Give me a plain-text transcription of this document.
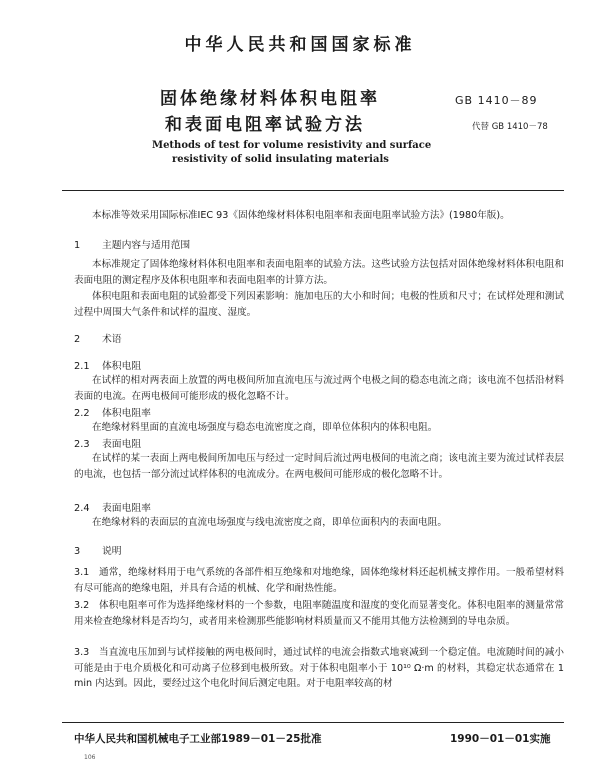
中华人民共和国国家标准
固体绝缘材料体积电阻率
和表面电阻率试验方法
GB 1410－89
代替 GB 1410－78
Methods of test for volume resistivity and surface
resistivity of solid insulating materials
本标准等效采用国际标准IEC 93《固体绝缘材料体积电阻率和表面电阻率试验方法》(1980年版)。
1 主题内容与适用范围
本标准规定了固体绝缘材料体积电阻率和表面电阻率的试验方法。这些试验方法包括对固体绝缘材料体积电阻和表面电阻的测定程序及体积电阻率和表面电阻率的计算方法。
体积电阻和表面电阻的试验都受下列因素影响：施加电压的大小和时间；电极的性质和尺寸；在试样处理和测试过程中周围大气条件和试样的温度、湿度。
2 术语
2.1 体积电阻
在试样的相对两表面上放置的两电极间所加直流电压与流过两个电极之间的稳态电流之商；该电流不包括沿材料表面的电流。在两电极间可能形成的极化忽略不计。
2.2 体积电阻率
在绝缘材料里面的直流电场强度与稳态电流密度之商，即单位体积内的体积电阻。
2.3 表面电阻
在试样的某一表面上两电极间所加电压与经过一定时间后流过两电极间的电流之商；该电流主要为流过试样表层的电流，也包括一部分流过试样体积的电流成分。在两电极间可能形成的极化忽略不计。
2.4 表面电阻率
在绝缘材料的表面层的直流电场强度与线电流密度之商，即单位面积内的表面电阻。
3 说明
3.1　通常，绝缘材料用于电气系统的各部件相互绝缘和对地绝缘，固体绝缘材料还起机械支撑作用。一般希望材料有尽可能高的绝缘电阻，并具有合适的机械、化学和耐热性能。
3.2　体积电阻率可作为选择绝缘材料的一个参数，电阻率随温度和湿度的变化而显著变化。体积电阻率的测量常常用来检查绝缘材料是否均匀，或者用来检测那些能影响材料质量而又不能用其他方法检测到的导电杂质。
3.3　当直流电压加到与试样接触的两电极间时，通过试样的电流会指数式地衰减到一个稳定值。电流随时间的减小可能是由于电介质极化和可动离子位移到电极所致。对于体积电阻率小于 10¹⁰ Ω·m 的材料，其稳定状态通常在 1 min 内达到。因此，要经过这个电化时间后测定电阻。对于电阻率较高的材
中华人民共和国机械电子工业部1989－01－25批准	1990－01－01实施
106
